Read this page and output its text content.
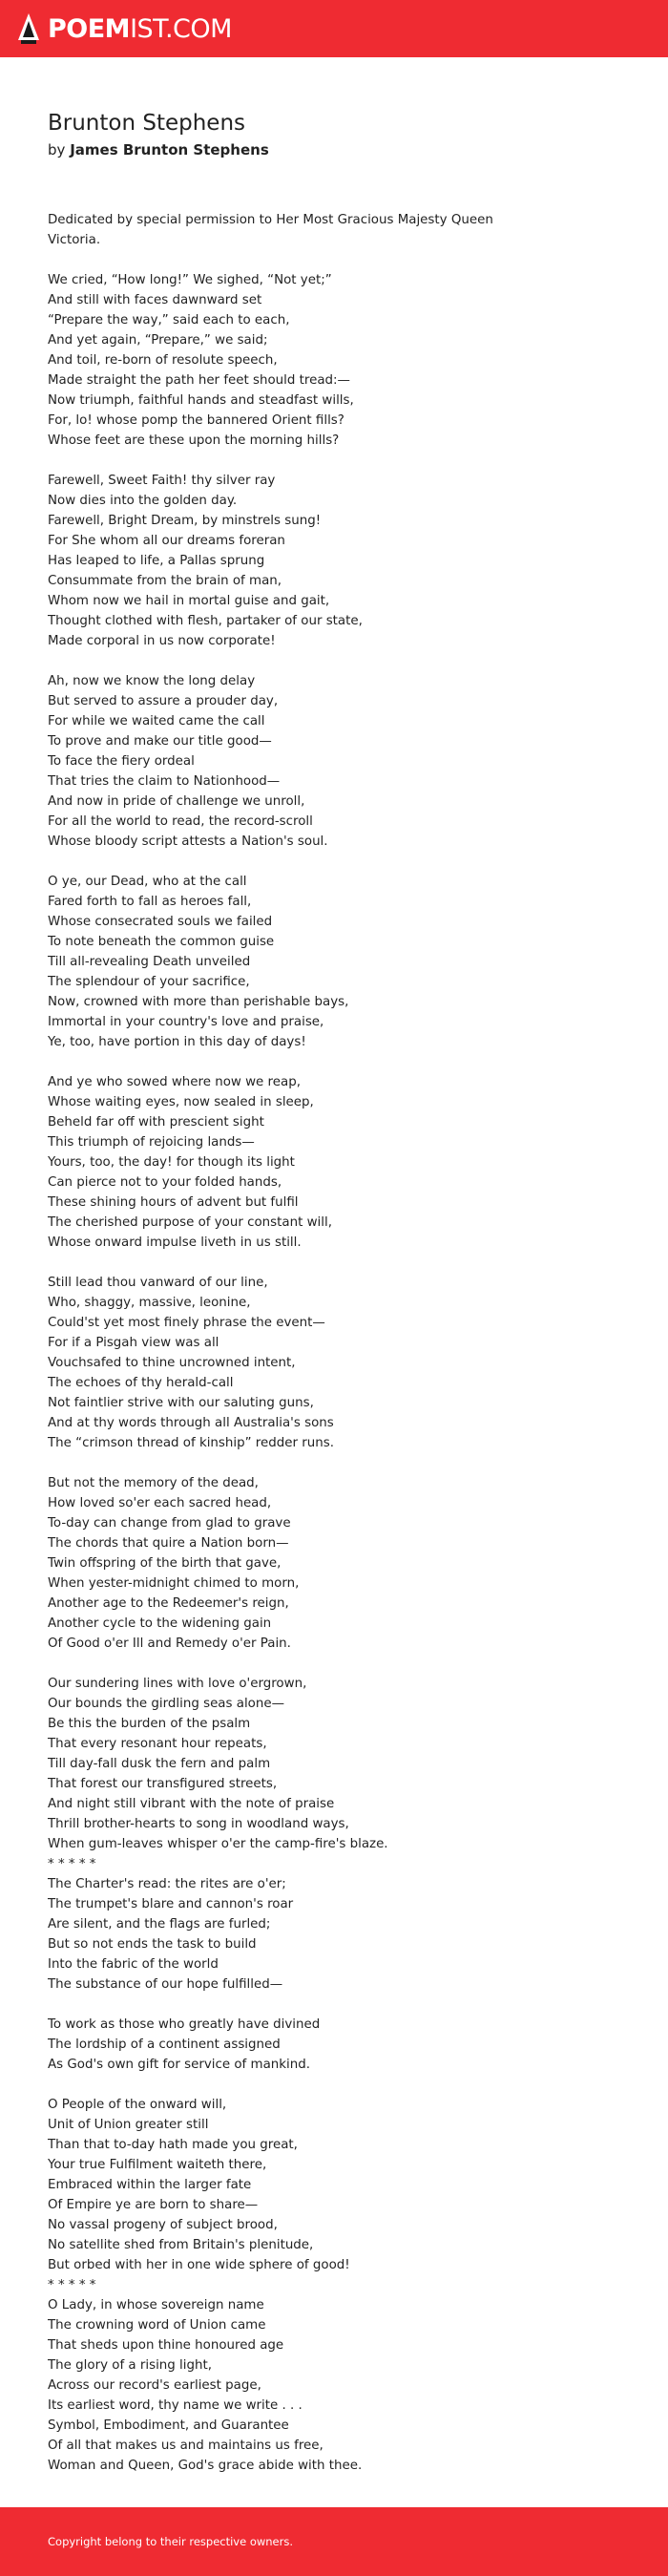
POEMIST.COM
Brunton Stephens
by James Brunton Stephens
Dedicated by special permission to Her Most Gracious Majesty Queen
Victoria.
We cried, “How long!” We sighed, “Not yet;”
And still with faces dawnward set
“Prepare the way,” said each to each,
And yet again, “Prepare,” we said;
And toil, re-born of resolute speech,
Made straight the path her feet should tread:—
Now triumph, faithful hands and steadfast wills,
For, lo! whose pomp the bannered Orient fills?
Whose feet are these upon the morning hills?
Farewell, Sweet Faith! thy silver ray
Now dies into the golden day.
Farewell, Bright Dream, by minstrels sung!
For She whom all our dreams foreran
Has leaped to life, a Pallas sprung
Consummate from the brain of man,
Whom now we hail in mortal guise and gait,
Thought clothed with flesh, partaker of our state,
Made corporal in us now corporate!
Ah, now we know the long delay
But served to assure a prouder day,
For while we waited came the call
To prove and make our title good—
To face the fiery ordeal
That tries the claim to Nationhood—
And now in pride of challenge we unroll,
For all the world to read, the record-scroll
Whose bloody script attests a Nation's soul.
O ye, our Dead, who at the call
Fared forth to fall as heroes fall,
Whose consecrated souls we failed
To note beneath the common guise
Till all-revealing Death unveiled
The splendour of your sacrifice,
Now, crowned with more than perishable bays,
Immortal in your country's love and praise,
Ye, too, have portion in this day of days!
And ye who sowed where now we reap,
Whose waiting eyes, now sealed in sleep,
Beheld far off with prescient sight
This triumph of rejoicing lands—
Yours, too, the day! for though its light
Can pierce not to your folded hands,
These shining hours of advent but fulfil
The cherished purpose of your constant will,
Whose onward impulse liveth in us still.
Still lead thou vanward of our line,
Who, shaggy, massive, leonine,
Could'st yet most finely phrase the event—
For if a Pisgah view was all
Vouchsafed to thine uncrowned intent,
The echoes of thy herald-call
Not faintlier strive with our saluting guns,
And at thy words through all Australia's sons
The “crimson thread of kinship” redder runs.
But not the memory of the dead,
How loved so'er each sacred head,
To-day can change from glad to grave
The chords that quire a Nation born—
Twin offspring of the birth that gave,
When yester-midnight chimed to morn,
Another age to the Redeemer's reign,
Another cycle to the widening gain
Of Good o'er Ill and Remedy o'er Pain.
Our sundering lines with love o'ergrown,
Our bounds the girdling seas alone—
Be this the burden of the psalm
That every resonant hour repeats,
Till day-fall dusk the fern and palm
That forest our transfigured streets,
And night still vibrant with the note of praise
Thrill brother-hearts to song in woodland ways,
When gum-leaves whisper o'er the camp-fire's blaze.
* * * * *
The Charter's read: the rites are o'er;
The trumpet's blare and cannon's roar
Are silent, and the flags are furled;
But so not ends the task to build
Into the fabric of the world
The substance of our hope fulfilled—
To work as those who greatly have divined
The lordship of a continent assigned
As God's own gift for service of mankind.
O People of the onward will,
Unit of Union greater still
Than that to-day hath made you great,
Your true Fulfilment waiteth there,
Embraced within the larger fate
Of Empire ye are born to share—
No vassal progeny of subject brood,
No satellite shed from Britain's plenitude,
But orbed with her in one wide sphere of good!
* * * * *
O Lady, in whose sovereign name
The crowning word of Union came
That sheds upon thine honoured age
The glory of a rising light,
Across our record's earliest page,
Its earliest word, thy name we write . . .
Symbol, Embodiment, and Guarantee
Of all that makes us and maintains us free,
Woman and Queen, God's grace abide with thee.
Copyright belong to their respective owners.
